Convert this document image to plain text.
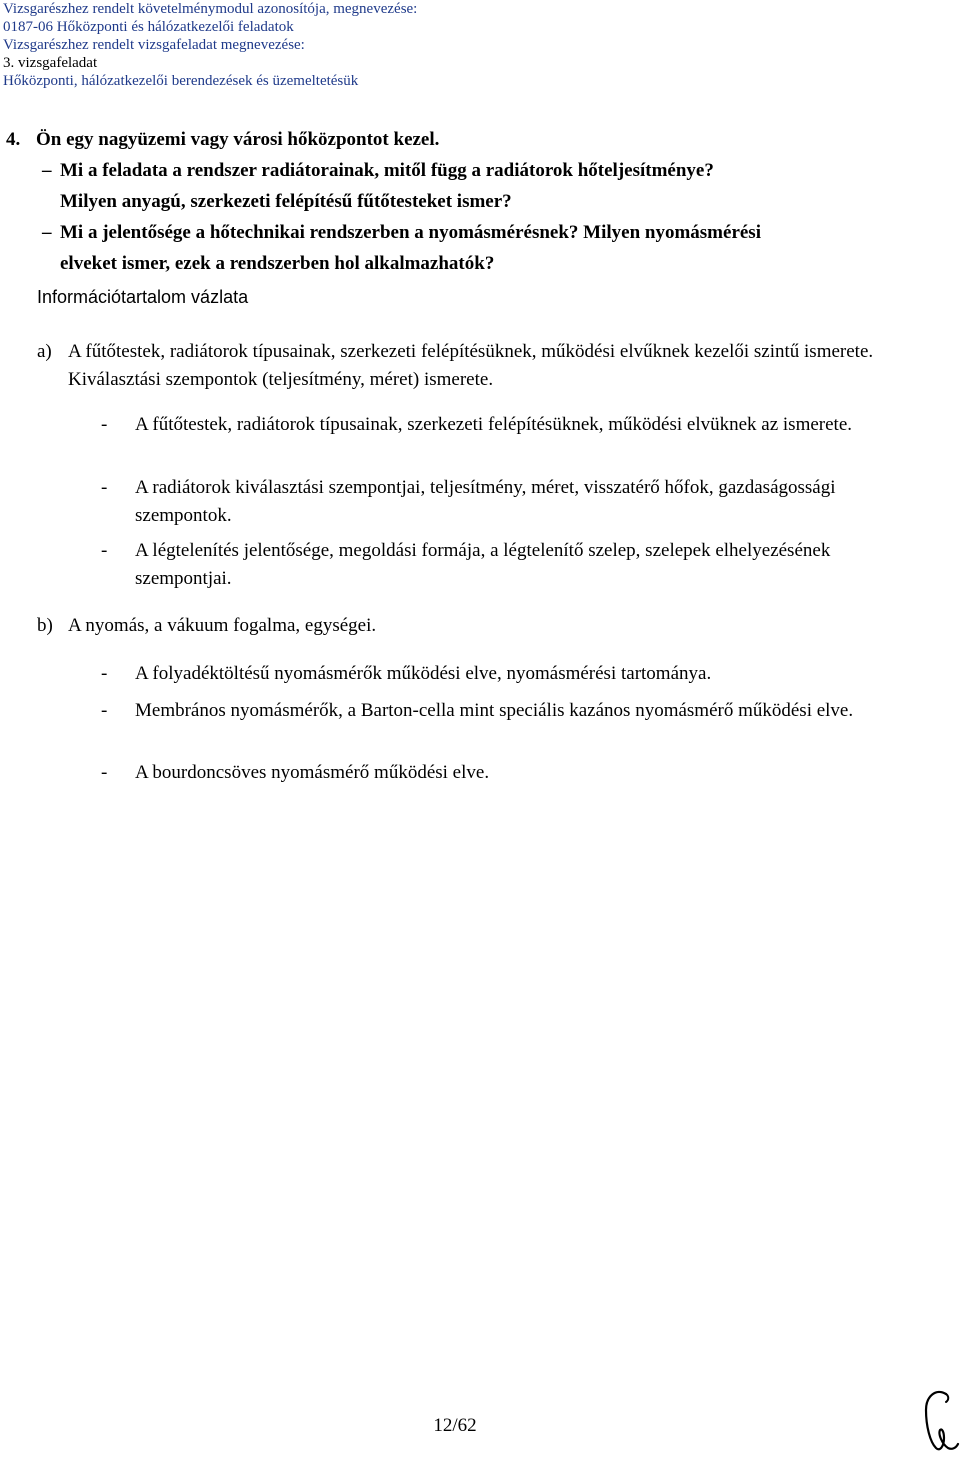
Vizsgarészhez rendelt követelménymodul azonosítója, megnevezése:
0187-06 Hőközponti és hálózatkezelői feladatok
Vizsgarészhez rendelt vizsgafeladat megnevezése:
3. vizsgafeladat
Hőközponti, hálózatkezelői berendezések és üzemeltetésük
4. Ön egy nagyüzemi vagy városi hőközpontot kezel.
– Mi a feladata a rendszer radiátorainak, mitől függ a radiátorok hőteljesítménye?
Milyen anyagú, szerkezeti felépítésű fűtőtesteket ismer?
– Mi a jelentősége a hőtechnikai rendszerben a nyomásmérésnek? Milyen nyomásmérési
elveket ismer, ezek a rendszerben hol alkalmazhatók?
Információtartalom vázlata
a) A fűtőtestek, radiátorok típusainak, szerkezeti felépítésüknek, működési elvűknek kezelői szintű ismerete. Kiválasztási szempontok (teljesítmény, méret) ismerete.
- A fűtőtestek, radiátorok típusainak, szerkezeti felépítésüknek, működési elvüknek az ismerete.
- A radiátorok kiválasztási szempontjai, teljesítmény, méret, visszatérő hőfok, gazdaságossági szempontok.
- A légtelenítés jelentősége, megoldási formája, a légtelenítő szelep, szelepek elhelyezésének szempontjai.
b) A nyomás, a vákuum fogalma, egységei.
- A folyadéktöltésű nyomásmérők működési elve, nyomásmérési tartománya.
- Membrános nyomásmérők, a Barton-cella mint speciális kazános nyomásmérő működési elve.
- A bourdoncsöves nyomásmérő működési elve.
12/62
